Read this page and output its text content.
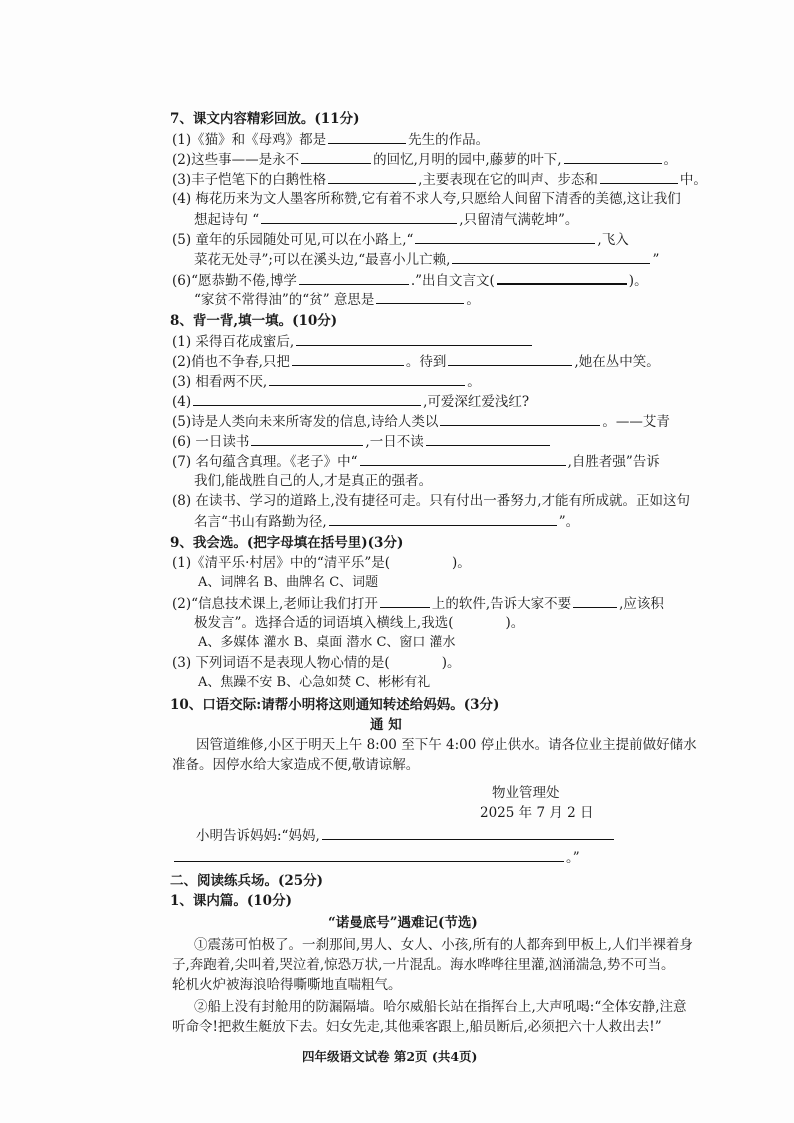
7、课文内容精彩回放。(11分)
(1)《猫》和《母鸡》都是	先生的作品。
(2)这些事——是永不	的回忆,月明的园中,藤萝的叶下,	。
(3)丰子恺笔下的白鹅性格	,主要表现在它的叫声、步态和	中。
(4) 梅花历来为文人墨客所称赞,它有着不求人夸,只愿给人间留下清香的美德,这让我们
想起诗句 “	,只留清气满乾坤”。
(5) 童年的乐园随处可见,可以在小路上,“	,飞入
菜花无处寻”;可以在溪头边,“最喜小儿亡赖,	”
(6)“愿恭勤不倦,博学	.”出自文言文(	)。
“家贫不常得油”的“贫” 意思是	。
8、背一背,填一填。(10分)
(1) 采得百花成蜜后,
(2)俏也不争春,只把	。待到	,她在丛中笑。
(3) 相看两不厌,	。
(4)	,可爱深红爱浅红?
(5)诗是人类向未来所寄发的信息,诗给人类以	。——艾青
(6) 一日读书	,一日不读
(7) 名句蕴含真理。《老子》中“	,自胜者强”告诉
我们,能战胜自己的人,才是真正的强者。
(8) 在读书、学习的道路上,没有捷径可走。只有付出一番努力,才能有所成就。正如这句
名言“书山有路勤为径,	”。
9、我会选。(把字母填在括号里)(3分)
(1)《清平乐·村居》中的“清平乐”是(	)。
A、词牌名 B、曲牌名 C、词题
(2)“信息技术课上,老师让我们打开	上的软件,告诉大家不要	,应该积
极发言”。选择合适的词语填入横线上,我选(	)。
A、多媒体 灌水 B、桌面 潜水 C、窗口 灌水
(3) 下列词语不是表现人物心情的是(	)。
A、焦躁不安 B、心急如焚 C、彬彬有礼
10、口语交际:请帮小明将这则通知转述给妈妈。(3分)
通 知
因管道维修,小区于明天上午 8:00 至下午 4:00 停止供水。请各位业主提前做好储水
准备。因停水给大家造成不便,敬请谅解。
物业管理处
2025 年 7 月 2 日
小明告诉妈妈:“妈妈,
。”
二、阅读练兵场。(25分)
1、课内篇。(10分)
“诺曼底号”遇难记(节选)
①震荡可怕极了。一刹那间,男人、女人、小孩,所有的人都奔到甲板上,人们半裸着身
子,奔跑着,尖叫着,哭泣着,惊恐万状,一片混乱。海水哗哗往里灌,汹涌湍急,势不可当。
轮机火炉被海浪哈得嘶嘶地直喘粗气。
②船上没有封舱用的防漏隔墙。哈尔威船长站在指挥台上,大声吼喝:“全体安静,注意
听命令!把救生艇放下去。妇女先走,其他乘客跟上,船员断后,必须把六十人救出去!”
四年级语文试卷 第2页 (共4页)
